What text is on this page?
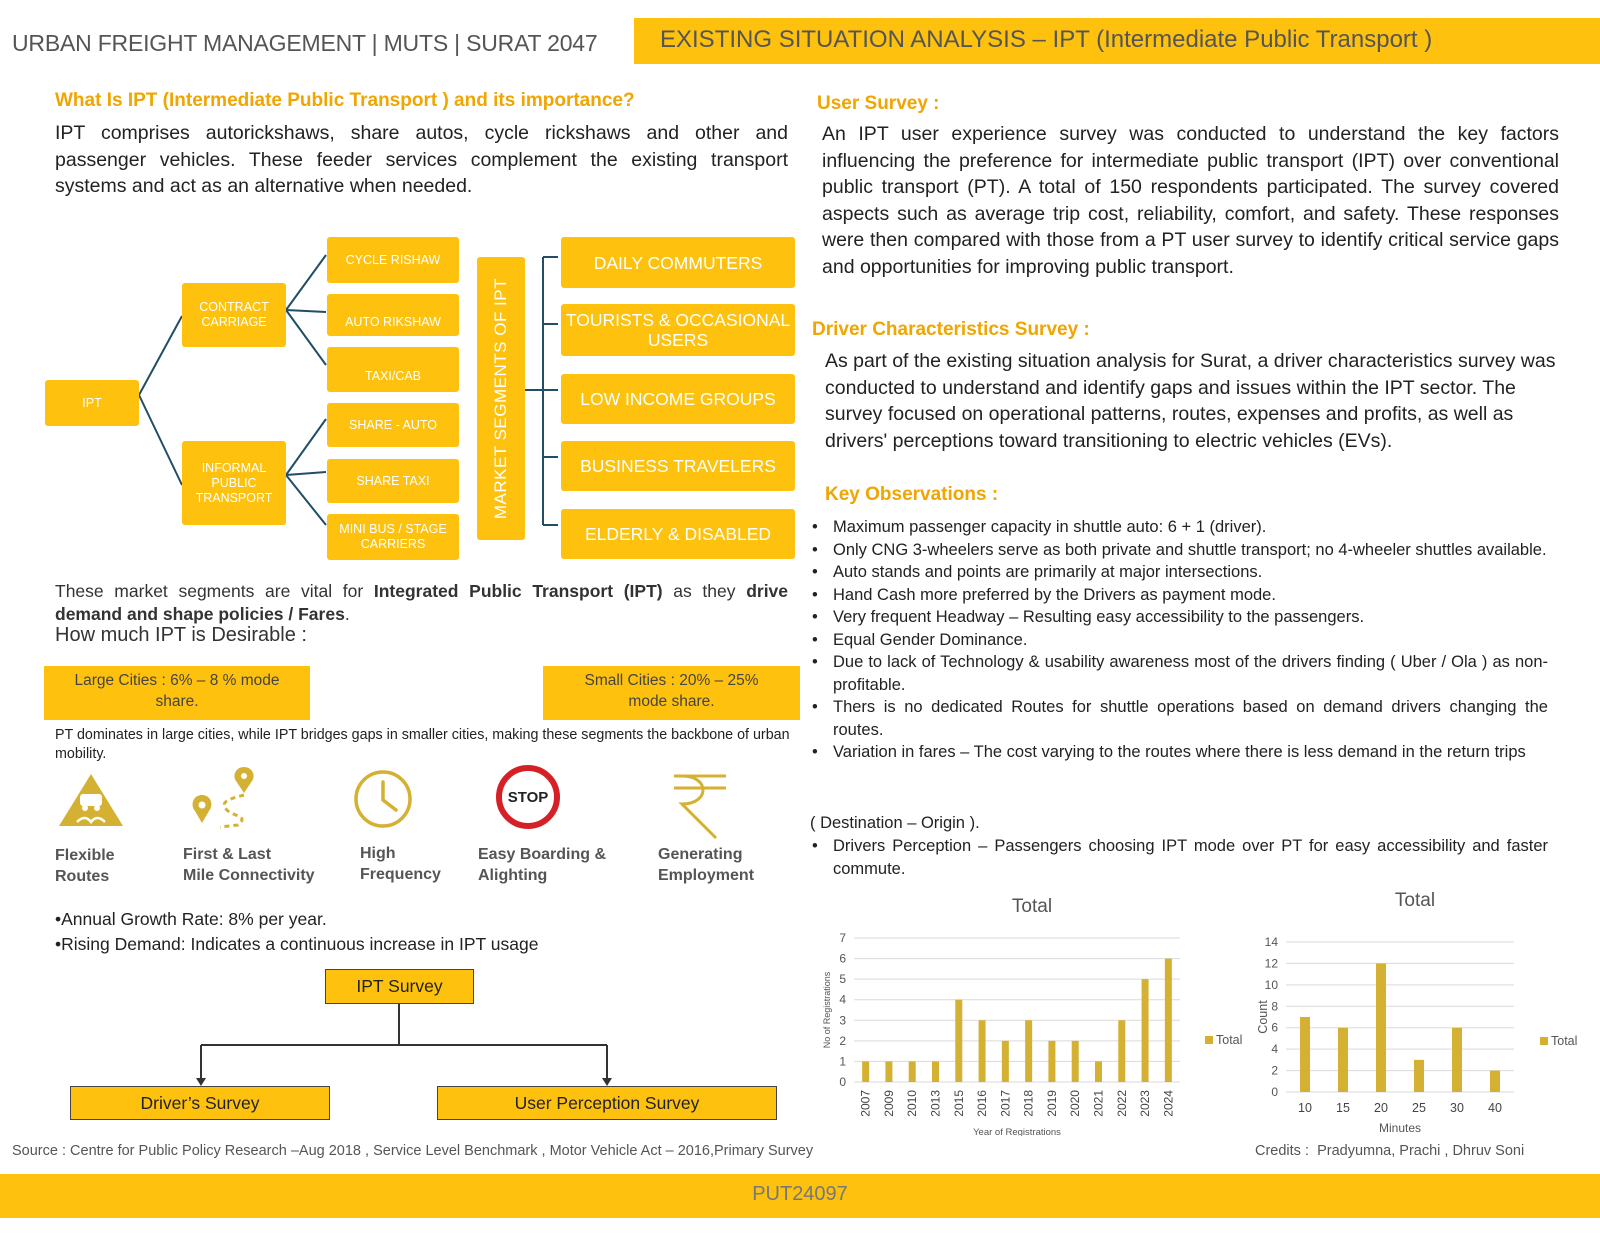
URBAN FREIGHT MANAGEMENT | MUTS | SURAT 2047	EXISTING SITUATION ANALYSIS – IPT (Intermediate Public Transport )
What Is IPT (Intermediate Public Transport ) and its importance?
IPT comprises autorickshaws, share autos, cycle rickshaws and other and passenger vehicles. These feeder services complement the existing transport systems and act as an alternative when needed.
IPT
CONTRACT CARRIAGE
INFORMAL PUBLIC TRANSPORT
CYCLE RISHAW
AUTO RIKSHAW
TAXI/CAB
SHARE - AUTO
SHARE TAXI
MINI BUS / STAGE CARRIERS
MARKET SEGMENTS OF IPT
DAILY COMMUTERS
TOURISTS & OCCASIONAL USERS
LOW INCOME GROUPS
BUSINESS TRAVELERS
ELDERLY & DISABLED
These market segments are vital for Integrated Public Transport (IPT) as they drive demand and shape policies / Fares.
How much IPT is Desirable :
Large Cities : 6% – 8 % mode share.
Small Cities : 20% – 25% mode share.
PT dominates in large cities, while IPT bridges gaps in smaller cities, making these segments the backbone of urban mobility.
STOP
Flexible
Routes
First & Last
Mile Connectivity
High
Frequency
Easy Boarding &
Alighting
Generating
Employment
•Annual Growth Rate: 8% per year.
•Rising Demand: Indicates a continuous increase in IPT usage
IPT Survey
Driver’s Survey	User Perception Survey
Source : Centre for Public Policy Research –Aug 2018 , Service Level Benchmark , Motor Vehicle Act – 2016,Primary Survey
User Survey :
An IPT user experience survey was conducted to understand the key factors influencing the preference for intermediate public transport (IPT) over conventional public transport (PT). A total of 150 respondents participated. The survey covered aspects such as average trip cost, reliability, comfort, and safety. These responses were then compared with those from a PT user survey to identify critical service gaps and opportunities for improving public transport.
Driver Characteristics Survey :
As part of the existing situation analysis for Surat, a driver characteristics survey was conducted to understand and identify gaps and issues within the IPT sector. The survey focused on operational patterns, routes, expenses and profits, as well as drivers' perceptions toward transitioning to electric vehicles (EVs).
Key Observations :
• Maximum passenger capacity in shuttle auto: 6 + 1 (driver).
• Only CNG 3-wheelers serve as both private and shuttle transport; no 4-wheeler shuttles available.
• Auto stands and points are primarily at major intersections.
• Hand Cash more preferred by the Drivers as payment mode.
• Very frequent Headway – Resulting easy accessibility to the passengers.
• Equal Gender Dominance.
• Due to lack of Technology & usability awareness most of the drivers finding ( Uber / Ola ) as non- profitable.
• Thers is no dedicated Routes for shuttle operations based on demand drivers changing the routes.
• Variation in fares – The cost varying to the routes where there is less demand in the return trips
( Destination – Origin ).
• Drivers Perception – Passengers choosing IPT mode over PT for easy accessibility and faster commute.
Total
0
1
2
3
4
5
6
7
2007 2009 2010 2013 2015 2016 2017 2018 2019 2020 2021 2022 2023 2024
Year of Registrations
No of Registrations	Total
Total
0
2
4
6
8
10
12
14
10 15 20 25 30 40
Minutes
Count
Total
Credits : Pradyumna, Prachi , Dhruv Soni
PUT24097
